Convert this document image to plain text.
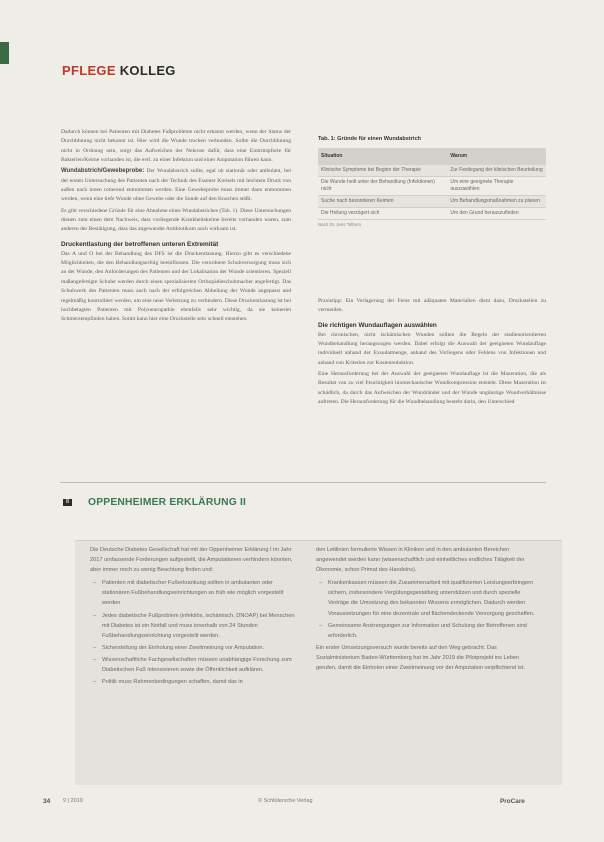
PFLEGE KOLLEG

Dadurch können bei Patienten mit Diabetes Fußprobleme nicht erkannt werden, wenn der Status der Durchblutung nicht bekannt ist. Hier wird die Wunde trocken verbunden. Sollte die Durchblutung nicht in Ordnung sein, sorgt das Aufweichen der Nekrose dafür, dass eine Eintrittspforte für Bakterien/Keime vorhanden ist, die evtl. zu einer Infektion und einer Amputation führen kann.

Wundabstrich/Gewebeprobe: Der Wundabstrich sollte, egal ob stationär oder ambulant, bei der ersten Untersuchung des Patienten nach der Technik des Essener Kreisels mit leichtem Druck von außen nach innen rotierend entnommen werden. Eine Gewebeprobe muss immer dann entnommen werden, wenn eine tiefe Wunde ohne Gewebe oder die Sonde auf den Knochen stößt.

Es gibt verschiedene Gründe für eine Abnahme eines Wundabstriches (Tab. 1). Diese Untersuchungen dienen zum einen dem Nachweis, dass vorliegende Krankheitskeime bereits vorhanden waren, zum anderen der Bestätigung, dass das angewandte Antibiotikum auch wirksam ist.

Druckentlastung der betroffenen unteren Extremität

Das A und O bei der Behandlung des DFS ist die Druckentlastung. Hierzu gibt es verschiedene Möglichkeiten, die den Behandlungserfolg beeinflussen. Die verordnete Schuhversorgung muss sich an der Wunde, den Anforderungen des Patienten und der Lokalisation der Wunde orientieren. Speziell maßangefertigte Schuhe werden durch einen spezialisierten Orthopädieschuhmacher angefertigt. Das Schuhwerk des Patienten muss auch nach der erfolgreichen Abheilung der Wunde angepasst und regelmäßig kontrolliert werden, um eine neue Verletzung zu verhindern. Diese Druckentlastung ist bei hochbetagten Patienten mit Polyneuropathie ebenfalls sehr wichtig, da sie keinerlei Schmerzempfinden haben. Somit kann hier eine Druckstelle sehr schnell entstehen.

Tab. 1: Gründe für einen Wundabstrich
Situation	Warum
Klinische Symptome bei Beginn der Therapie	Zur Festlegung der klinischen Beurteilung
Die Wunde heilt unter der Behandlung (Infektionen) nicht	Um eine geeignete Therapie auszuwählen
Suche nach besonderen Keimen	Um Behandlungsmaßnahmen zu planen
Die Heilung verzögert sich	Um den Grund herauszufinden
Nach Dr. Jens Tolborn

Praxistipp: Ein Verlagerung der Ferse mit adäquaten Materialien dient dazu, Druckstellen zu vermeiden.

Die richtigen Wundauflagen auswählen

Bei chronischen, nicht ischämischen Wunden sollten die Regeln der stadienorientierten Wundbehandlung herangezogen werden. Dabei erfolgt die Auswahl der geeigneten Wundauflage individuell anhand der Exsudatmenge, anhand des Vorliegens oder Fehlens von Infektionen und anhand von Kriterien zur Kostenreduktion.

Eine Herausforderung bei der Auswahl der geeigneten Wundauflage ist die Mazeration, die als Resultat von zu viel Feuchtigkeit biomechanischer Wundkompression entsteht. Diese Mazeration ist schädlich, da durch das Aufweichen der Wundränder und der Wunde ungünstige Wundverhältnisse auftreten. Die Herausforderung für die Wundbehandlung besteht darin, den Unterschied

II	OPPENHEIMER ERKLÄRUNG II

Die Deutsche Diabetes Gesellschaft hat mit der Oppenheimer Erklärung I im Jahr 2017 umfassende Forderungen aufgestellt, die Amputationen verhindern könnten, aber immer noch zu wenig Beachtung finden und:

– Patienten mit diabetischer Fußerkrankung sollten in ambulanten oder stationären Fußbehandlungseinrichtungen so früh wie möglich vorgestellt werden
– Jedes diabetische Fußproblem (infektiös, ischämisch, DNOAP) bei Menschen mit Diabetes ist ein Notfall und muss innerhalb von 24 Stunden Fußbehandlungseinrichtung vorgestellt werden.
– Sicherstellung der Einholung einer Zweitmeinung vor Amputation.
– Wissenschaftliche Fachgesellschaften müssen unabhängige Forschung zum Diabetischen Fuß intensivieren sowie die Öffentlichkeit aufklären.
– Politik muss Rahmenbedingungen schaffen, damit das in

den Leitlinien formulierte Wissen in Kliniken und in den ambulanten Bereichen angewendet werden kann (wissenschaftlich und einheitliches endliches Tätigkeit der Ökonomie, schon Primat des Handelns).

– Krankenkassen müssen die Zusammenarbeit mit qualifizierten Leistungserbringern sichern, insbesondere Vergütungsgestaltung unterstützen und durch spezielle Verträge die Umsetzung des bekannten Wissens ermöglichen. Dadurch werden Voraussetzungen für eine dezentrale und flächendeckende Versorgung geschaffen.
– Gemeinsame Anstrengungen zur Information und Schulung der Betroffenen sind erforderlich.

Ein erster Umsetzungsversuch wurde bereits auf den Weg gebracht. Das Sozialministerium Baden-Württemberg hat im Jahr 2019 die Pilotprojekt ins Leben gerufen, damit die Einholen einer Zweitmeinung vor der Amputation verpflichtend ist.

34 9 | 2019	© Schlütersche Verlag	ProCare
